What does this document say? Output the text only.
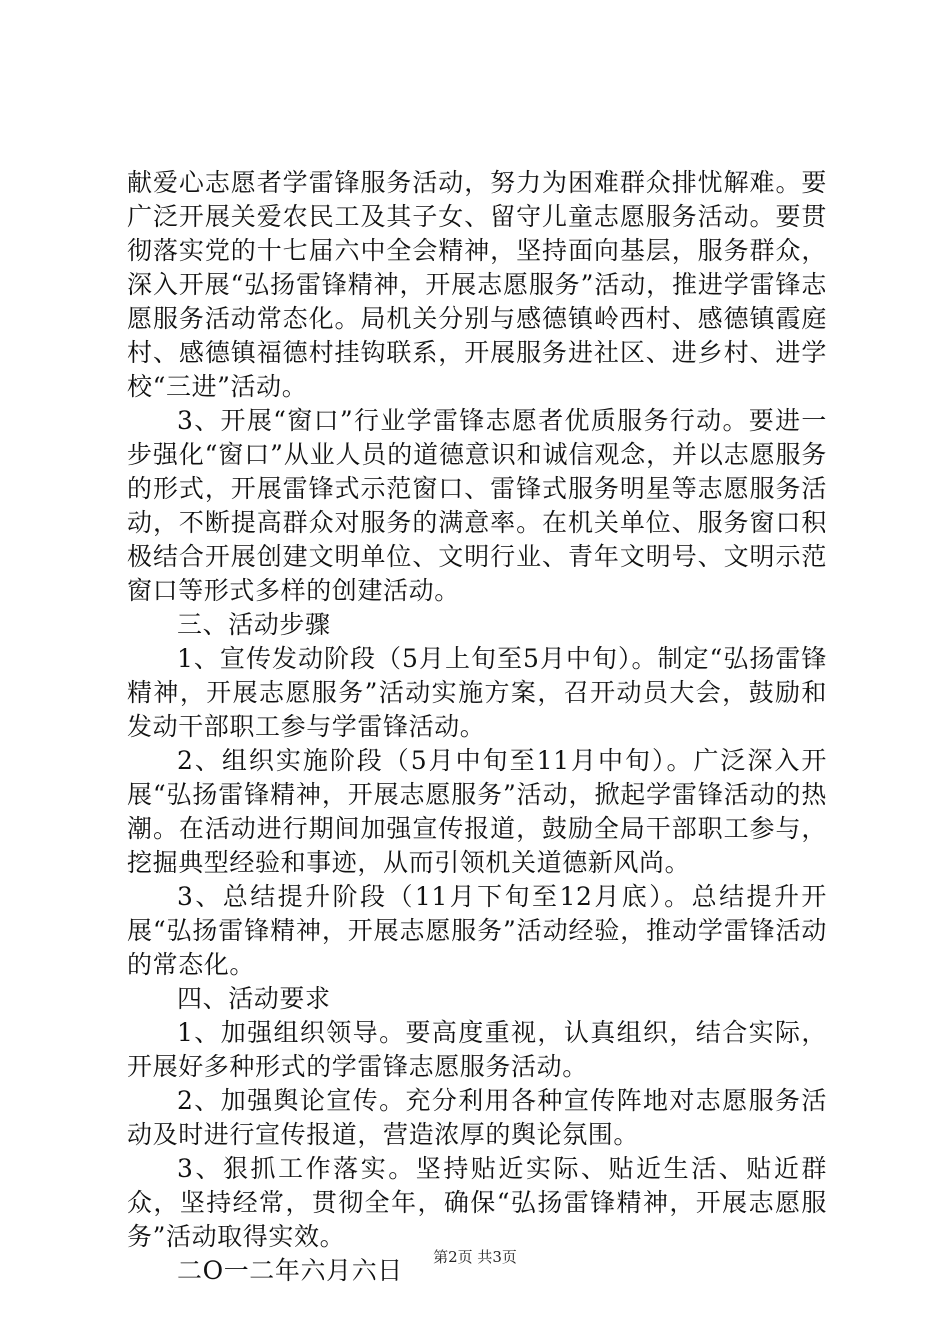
献爱心志愿者学雷锋服务活动，努力为困难群众排忧解难。要广泛开展关爱农民工及其子女、留守儿童志愿服务活动。要贯彻落实党的十七届六中全会精神，坚持面向基层，服务群众，深入开展“弘扬雷锋精神，开展志愿服务”活动，推进学雷锋志愿服务活动常态化。局机关分别与感德镇岭西村、感德镇霞庭村、感德镇福德村挂钩联系，开展服务进社区、进乡村、进学校“三进”活动。

3、开展“窗口”行业学雷锋志愿者优质服务行动。要进一步强化“窗口”从业人员的道德意识和诚信观念，并以志愿服务的形式，开展雷锋式示范窗口、雷锋式服务明星等志愿服务活动，不断提高群众对服务的满意率。在机关单位、服务窗口积极结合开展创建文明单位、文明行业、青年文明号、文明示范窗口等形式多样的创建活动。

三、活动步骤

1、宣传发动阶段（5月上旬至5月中旬）。制定“弘扬雷锋精神，开展志愿服务”活动实施方案，召开动员大会，鼓励和发动干部职工参与学雷锋活动。

2、组织实施阶段（5月中旬至11月中旬）。广泛深入开展“弘扬雷锋精神，开展志愿服务”活动，掀起学雷锋活动的热潮。在活动进行期间加强宣传报道，鼓励全局干部职工参与，挖掘典型经验和事迹，从而引领机关道德新风尚。

3、总结提升阶段（11月下旬至12月底）。总结提升开展“弘扬雷锋精神，开展志愿服务”活动经验，推动学雷锋活动的常态化。

四、活动要求

1、加强组织领导。要高度重视，认真组织，结合实际，开展好多种形式的学雷锋志愿服务活动。

2、加强舆论宣传。充分利用各种宣传阵地对志愿服务活动及时进行宣传报道，营造浓厚的舆论氛围。

3、狠抓工作落实。坚持贴近实际、贴近生活、贴近群众，坚持经常，贯彻全年，确保“弘扬雷锋精神，开展志愿服务”活动取得实效。

二O一二年六月六日	第2页 共3页
